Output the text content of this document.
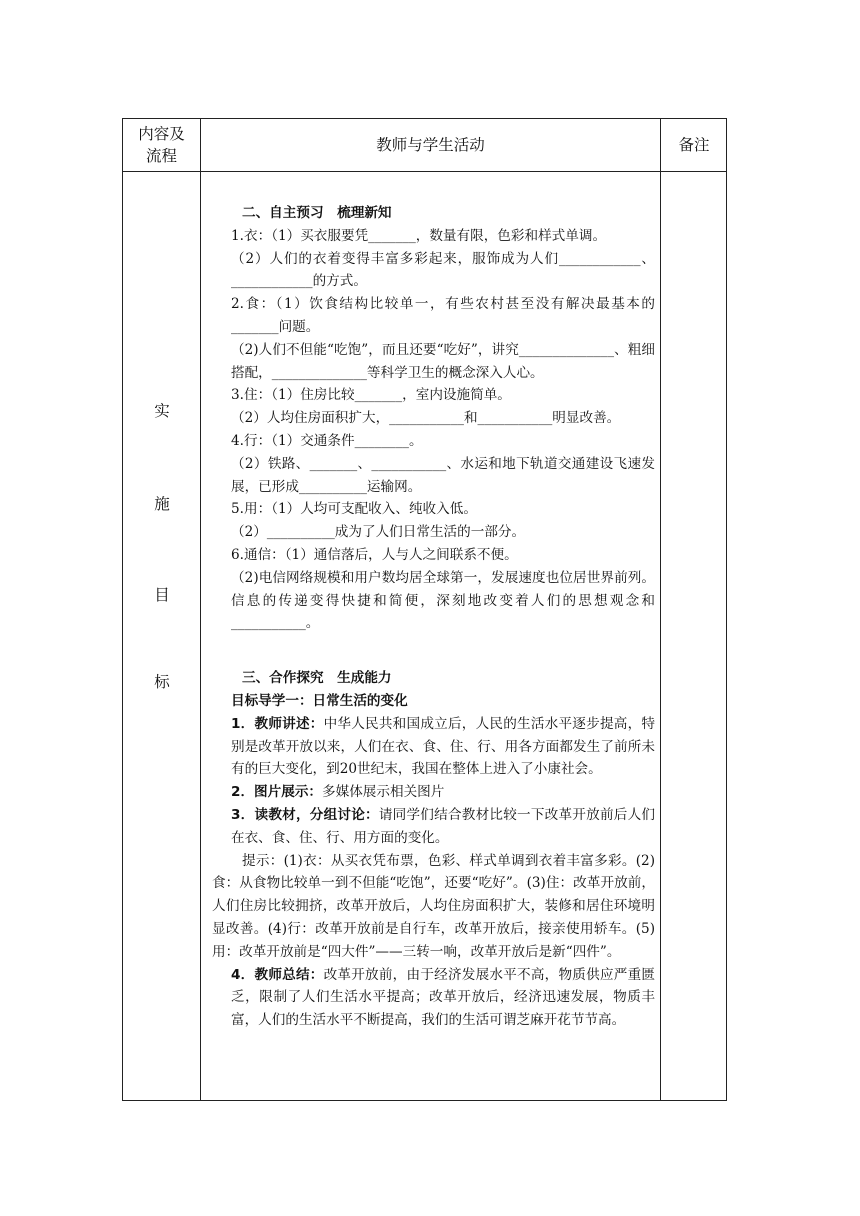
内容及
流程
教师与学生活动	备注
实
施
目
标

二、自主预习　梳理新知

1.衣：（1）买衣服要凭_______，数量有限，色彩和样式单调。

（2）人们的衣着变得丰富多彩起来，服饰成为人们____________、____________的方式。

2.食：（1）饮食结构比较单一，有些农村甚至没有解决最基本的_______问题。

（2)人们不但能“吃饱”，而且还要“吃好”，讲究______________、粗细搭配，______________等科学卫生的概念深入人心。

3.住：（1）住房比较_______，室内设施简单。

（2）人均住房面积扩大，___________和___________明显改善。

4.行：（1）交通条件________。

（2）铁路、_______、___________、水运和地下轨道交通建设飞速发展，已形成__________运输网。

5.用：（1）人均可支配收入、纯收入低。

（2）__________成为了人们日常生活的一部分。

6.通信：（1）通信落后，人与人之间联系不便。

（2)电信网络规模和用户数均居全球第一，发展速度也位居世界前列。信息的传递变得快捷和简便，深刻地改变着人们的思想观念和___________。

三、合作探究　生成能力

目标导学一：日常生活的变化

1．教师讲述：中华人民共和国成立后，人民的生活水平逐步提高，特别是改革开放以来，人们在衣、食、住、行、用各方面都发生了前所未有的巨大变化，到20世纪末，我国在整体上进入了小康社会。

2．图片展示：多媒体展示相关图片

3．读教材，分组讨论：请同学们结合教材比较一下改革开放前后人们在衣、食、住、行、用方面的变化。

提示：(1)衣：从买衣凭布票，色彩、样式单调到衣着丰富多彩。(2)食：从食物比较单一到不但能“吃饱”，还要“吃好”。(3)住：改革开放前，人们住房比较拥挤，改革开放后，人均住房面积扩大，装修和居住环境明显改善。(4)行：改革开放前是自行车，改革开放后，接亲使用轿车。(5)用：改革开放前是“四大件”——三转一响，改革开放后是新“四件”。

4．教师总结：改革开放前，由于经济发展水平不高，物质供应严重匮乏，限制了人们生活水平提高；改革开放后，经济迅速发展，物质丰富，人们的生活水平不断提高，我们的生活可谓芝麻开花节节高。
